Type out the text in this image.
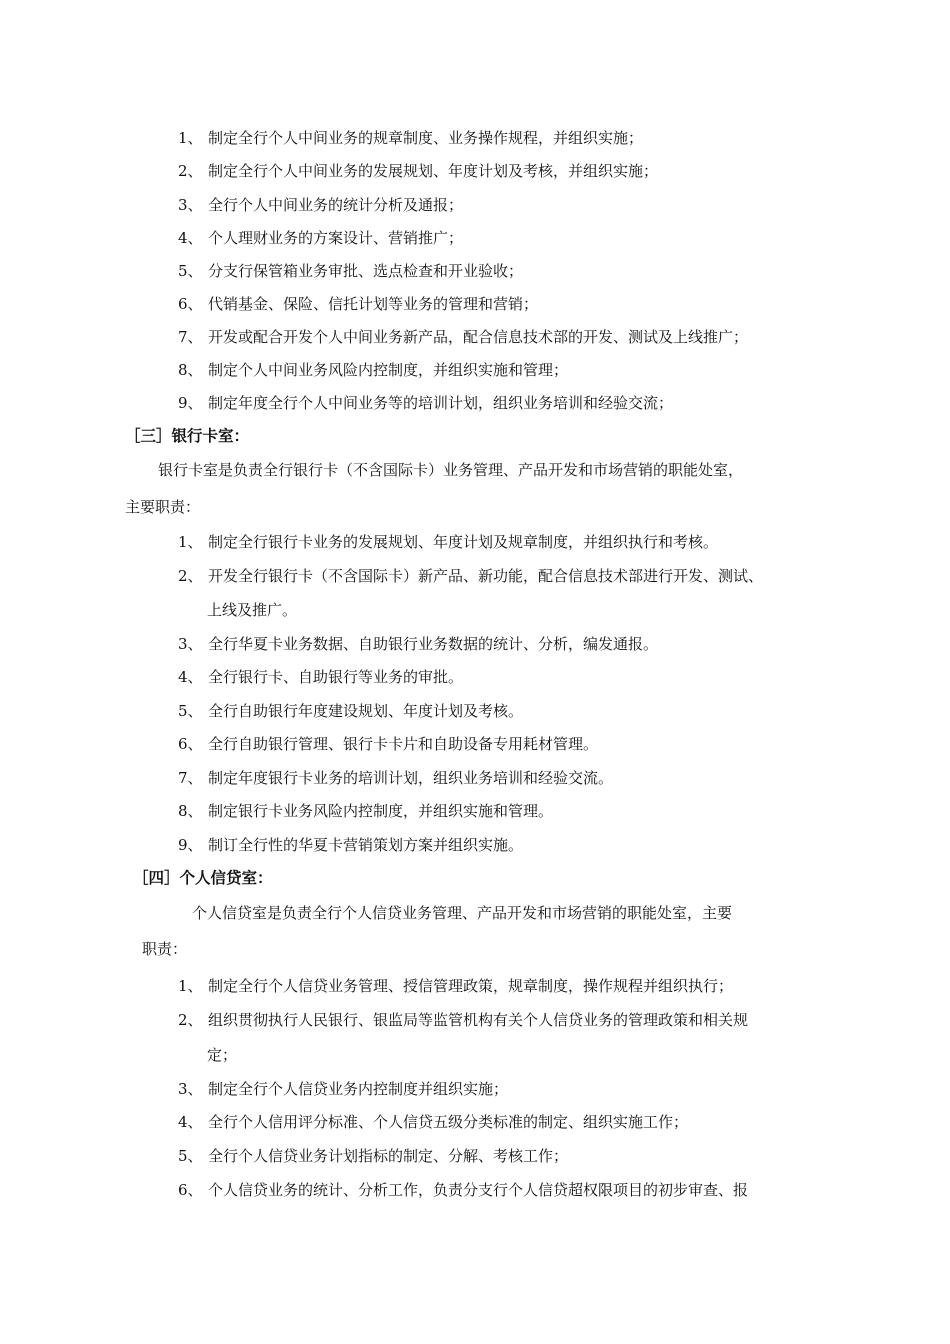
1、 制定全行个人中间业务的规章制度、业务操作规程，并组织实施；
2、 制定全行个人中间业务的发展规划、年度计划及考核，并组织实施；
3、 全行个人中间业务的统计分析及通报；
4、 个人理财业务的方案设计、营销推广；
5、 分支行保管箱业务审批、选点检查和开业验收；
6、 代销基金、保险、信托计划等业务的管理和营销；
7、 开发或配合开发个人中间业务新产品，配合信息技术部的开发、测试及上线推广；
8、 制定个人中间业务风险内控制度，并组织实施和管理；
9、 制定年度全行个人中间业务等的培训计划，组织业务培训和经验交流；
［三］银行卡室：
银行卡室是负责全行银行卡（不含国际卡）业务管理、产品开发和市场营销的职能处室，
主要职责：
1、 制定全行银行卡业务的发展规划、年度计划及规章制度，并组织执行和考核。
2、 开发全行银行卡（不含国际卡）新产品、新功能，配合信息技术部进行开发、测试、
上线及推广。
3、 全行华夏卡业务数据、自助银行业务数据的统计、分析，编发通报。
4、 全行银行卡、自助银行等业务的审批。
5、 全行自助银行年度建设规划、年度计划及考核。
6、 全行自助银行管理、银行卡卡片和自助设备专用耗材管理。
7、 制定年度银行卡业务的培训计划，组织业务培训和经验交流。
8、 制定银行卡业务风险内控制度，并组织实施和管理。
9、 制订全行性的华夏卡营销策划方案并组织实施。
［四］个人信贷室：
个人信贷室是负责全行个人信贷业务管理、产品开发和市场营销的职能处室，主要
职责：
1、 制定全行个人信贷业务管理、授信管理政策，规章制度，操作规程并组织执行；
2、 组织贯彻执行人民银行、银监局等监管机构有关个人信贷业务的管理政策和相关规
定；
3、 制定全行个人信贷业务内控制度并组织实施；
4、 全行个人信用评分标准、个人信贷五级分类标准的制定、组织实施工作；
5、 全行个人信贷业务计划指标的制定、分解、考核工作；
6、 个人信贷业务的统计、分析工作，负责分支行个人信贷超权限项目的初步审查、报
